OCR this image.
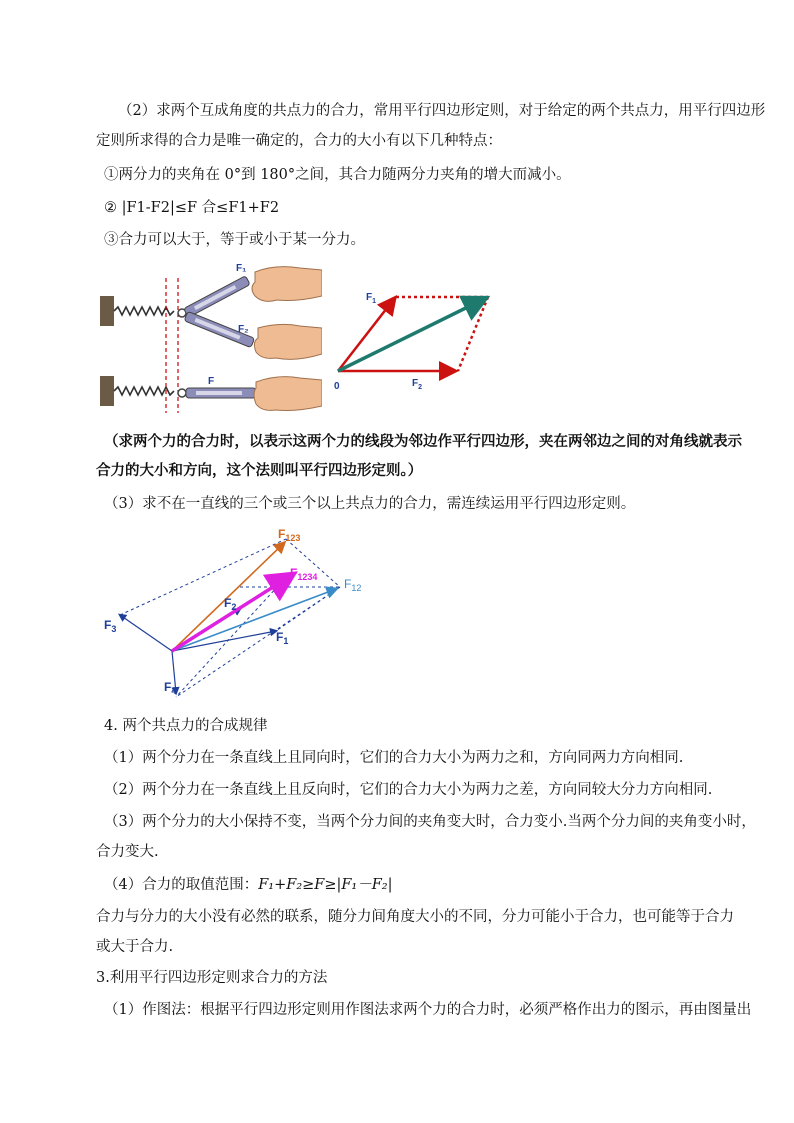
（2）求两个互成角度的共点力的合力，常用平行四边形定则，对于给定的两个共点力，用平行四边形
定则所求得的合力是唯一确定的，合力的大小有以下几种特点：
①两分力的夹角在 0°到 180°之间，其合力随两分力夹角的增大而减小。
② |F1-F2|≤F 合≤F1+F2
③合力可以大于，等于或小于某一分力。
F₁
F₂
F
$F_1$
$F_2$
0
（求两个力的合力时，以表示这两个力的线段为邻边作平行四边形，夹在两邻边之间的对角线就表示
合力的大小和方向，这个法则叫平行四边形定则。）
（3）求不在一直线的三个或三个以上共点力的合力，需连续运用平行四边形定则。
$F_{123}$
$F_{1234}$ $F_{12}$
$F_2$
$F_1$
$F_3$
$F_4$
4. 两个共点力的合成规律
（1）两个分力在一条直线上且同向时，它们的合力大小为两力之和，方向同两力方向相同.
（2）两个分力在一条直线上且反向时，它们的合力大小为两力之差，方向同较大分力方向相同.
（3）两个分力的大小保持不变，当两个分力间的夹角变大时，合力变小.当两个分力间的夹角变小时，
合力变大.
（4）合力的取值范围：F₁+F₂≥F≥|F₁－F₂|
合力与分力的大小没有必然的联系，随分力间角度大小的不同，分力可能小于合力，也可能等于合力
或大于合力.
3.利用平行四边形定则求合力的方法
（1）作图法：根据平行四边形定则用作图法求两个力的合力时，必须严格作出力的图示，再由图量出
